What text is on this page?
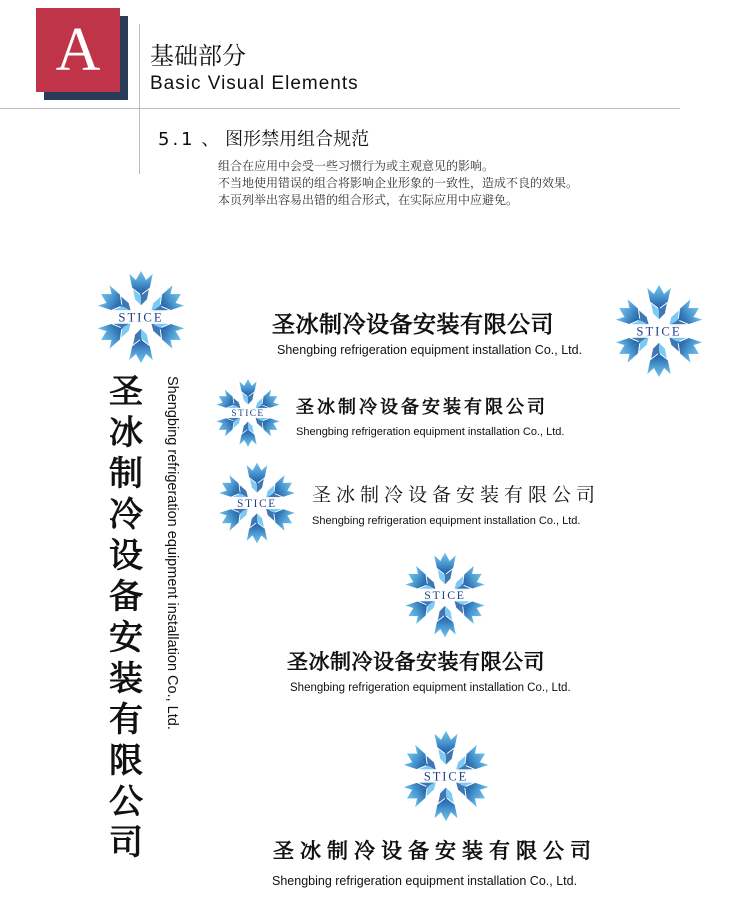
A 基础部分
Basic Visual Elements
5.1 、 图形禁用组合规范
组合在应用中会受一些习惯行为或主观意见的影响。
不当地使用错误的组合将影响企业形象的一致性，造成不良的效果。
本页列举出容易出错的组合形式，在实际应用中应避免。
STICE
圣
冰
制
冷
设
备
安
装
有
限
公
司
Shengbing refrigeration equipment installation Co., Ltd.
圣冰制冷设备安装有限公司
Shengbing refrigeration equipment installation Co., Ltd.
STICE
STICE 圣冰制冷设备安装有限公司
Shengbing refrigeration equipment installation Co., Ltd.
STICE 圣冰制冷设备安装有限公司
Shengbing refrigeration equipment installation Co., Ltd.
STICE
圣冰制冷设备安装有限公司
Shengbing refrigeration equipment installation Co., Ltd.
STICE
圣冰制冷设备安装有限公司
Shengbing refrigeration equipment installation Co., Ltd.
